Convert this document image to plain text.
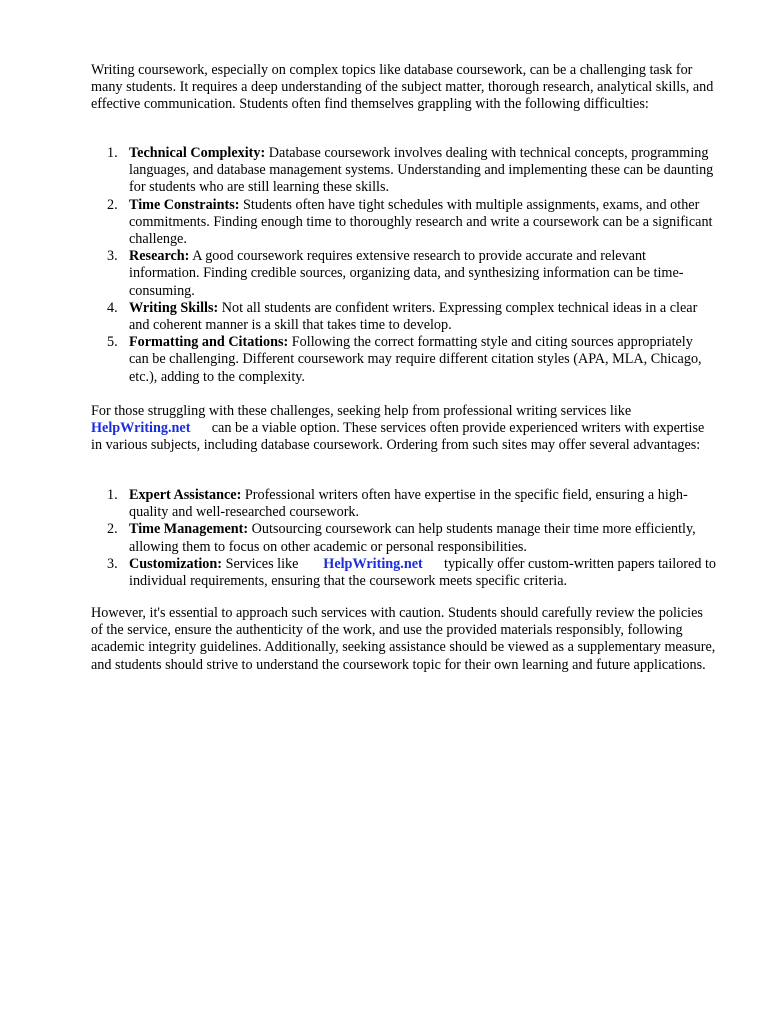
Writing coursework, especially on complex topics like database coursework, can be a challenging task for many students. It requires a deep understanding of the subject matter, thorough research, analytical skills, and effective communication. Students often find themselves grappling with the following difficulties:

1. Technical Complexity: Database coursework involves dealing with technical concepts, programming languages, and database management systems. Understanding and implementing these can be daunting for students who are still learning these skills.
2. Time Constraints: Students often have tight schedules with multiple assignments, exams, and other commitments. Finding enough time to thoroughly research and write a coursework can be a significant challenge.
3. Research: A good coursework requires extensive research to provide accurate and relevant information. Finding credible sources, organizing data, and synthesizing information can be time-consuming.
4. Writing Skills: Not all students are confident writers. Expressing complex technical ideas in a clear and coherent manner is a skill that takes time to develop.
5. Formatting and Citations: Following the correct formatting style and citing sources appropriately can be challenging. Different coursework may require different citation styles (APA, MLA, Chicago, etc.), adding to the complexity.

For those struggling with these challenges, seeking help from professional writing services like HelpWriting.net can be a viable option. These services often provide experienced writers with expertise in various subjects, including database coursework. Ordering from such sites may offer several advantages:

1. Expert Assistance: Professional writers often have expertise in the specific field, ensuring a high-quality and well-researched coursework.
2. Time Management: Outsourcing coursework can help students manage their time more efficiently, allowing them to focus on other academic or personal responsibilities.
3. Customization: Services like HelpWriting.net typically offer custom-written papers tailored to individual requirements, ensuring that the coursework meets specific criteria.

However, it's essential to approach such services with caution. Students should carefully review the policies of the service, ensure the authenticity of the work, and use the provided materials responsibly, following academic integrity guidelines. Additionally, seeking assistance should be viewed as a supplementary measure, and students should strive to understand the coursework topic for their own learning and future applications.
